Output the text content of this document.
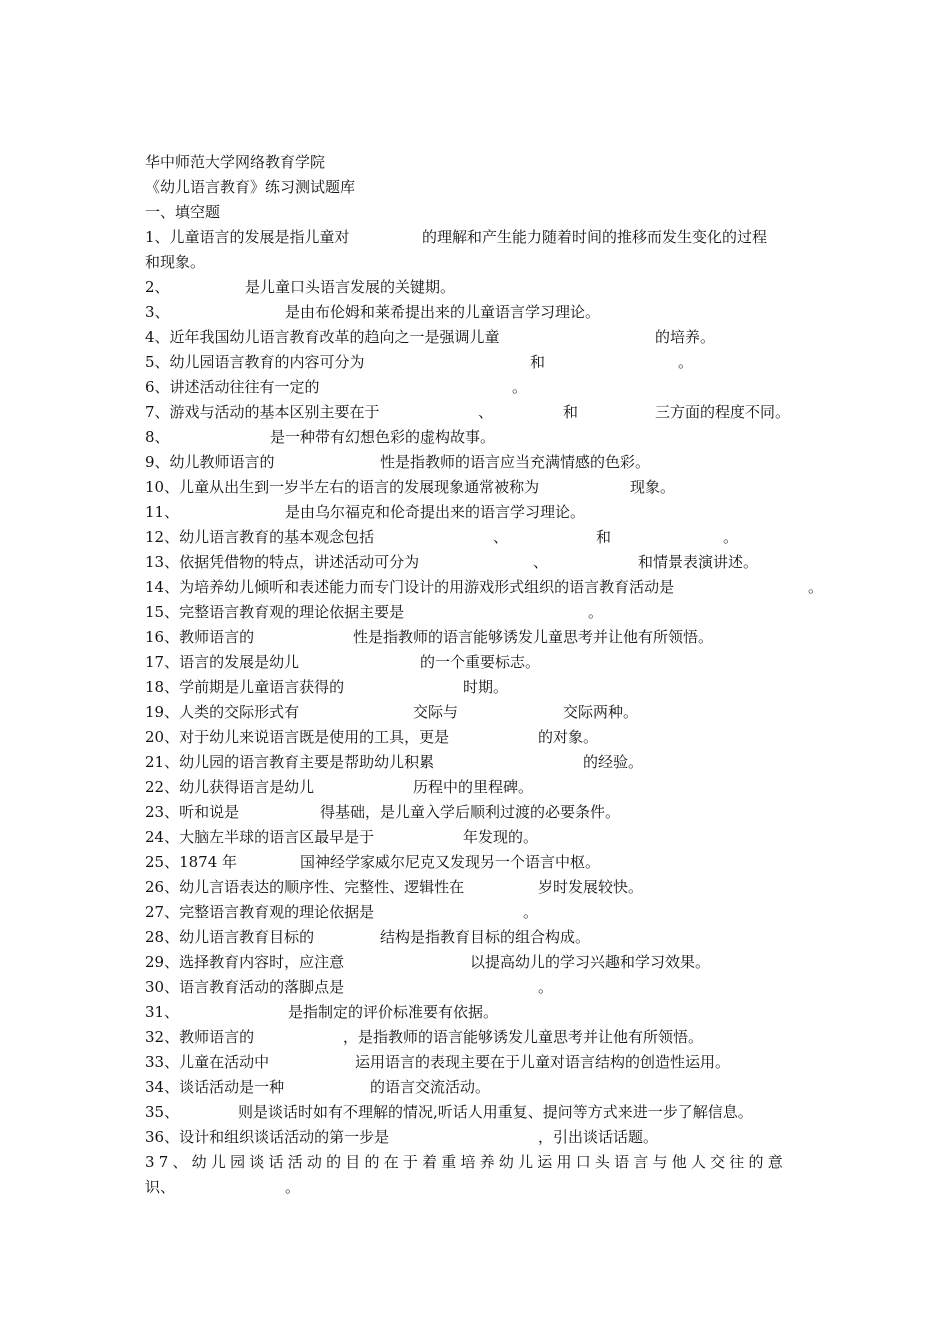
华中师范大学网络教育学院

《幼儿语言教育》练习测试题库

一、填空题

1、儿童语言的发展是指儿童对	的理解和产生能力随着时间的推移而发生变化的过程
和现象。
2、	是儿童口头语言发展的关键期。
3、	是由布伦姆和莱希提出来的儿童语言学习理论。
4、近年我国幼儿语言教育改革的趋向之一是强调儿童	的培养。
5、幼儿园语言教育的内容可分为	和	。
6、讲述活动往往有一定的	。
7、游戏与活动的基本区别主要在于	、	和	三方面的程度不同。
8、	是一种带有幻想色彩的虚构故事。
9、幼儿教师语言的	性是指教师的语言应当充满情感的色彩。
10、儿童从出生到一岁半左右的语言的发展现象通常被称为	现象。
11、	是由乌尔福克和伦奇提出来的语言学习理论。
12、幼儿语言教育的基本观念包括	、	和	。
13、依据凭借物的特点，讲述活动可分为	、	和情景表演讲述。
14、为培养幼儿倾听和表述能力而专门设计的用游戏形式组织的语言教育活动是	。
15、完整语言教育观的理论依据主要是	。
16、教师语言的	性是指教师的语言能够诱发儿童思考并让他有所领悟。
17、语言的发展是幼儿	的一个重要标志。
18、学前期是儿童语言获得的	时期。
19、人类的交际形式有	交际与	交际两种。
20、对于幼儿来说语言既是使用的工具，更是	的对象。
21、幼儿园的语言教育主要是帮助幼儿积累	的经验。
22、幼儿获得语言是幼儿	历程中的里程碑。
23、听和说是	得基础，是儿童入学后顺利过渡的必要条件。
24、大脑左半球的语言区最早是于	年发现的。
25、1874 年	国神经学家威尔尼克又发现另一个语言中枢。
26、幼儿言语表达的顺序性、完整性、逻辑性在	岁时发展较快。
27、完整语言教育观的理论依据是	。
28、幼儿语言教育目标的	结构是指教育目标的组合构成。
29、选择教育内容时，应注意	以提高幼儿的学习兴趣和学习效果。
30、语言教育活动的落脚点是	。
31、	是指制定的评价标准要有依据。
32、教师语言的	，是指教师的语言能够诱发儿童思考并让他有所领悟。
33、儿童在活动中	运用语言的表现主要在于儿童对语言结构的创造性运用。
34、谈话活动是一种	的语言交流活动。
35、	则是谈话时如有不理解的情况,听话人用重复、提问等方式来进一步了解信息。
36、设计和组织谈话活动的第一步是	，引出谈话话题。
37、幼儿园谈话活动的目的在于着重培养幼儿运用口头语言与他人交往的意
识、	。
